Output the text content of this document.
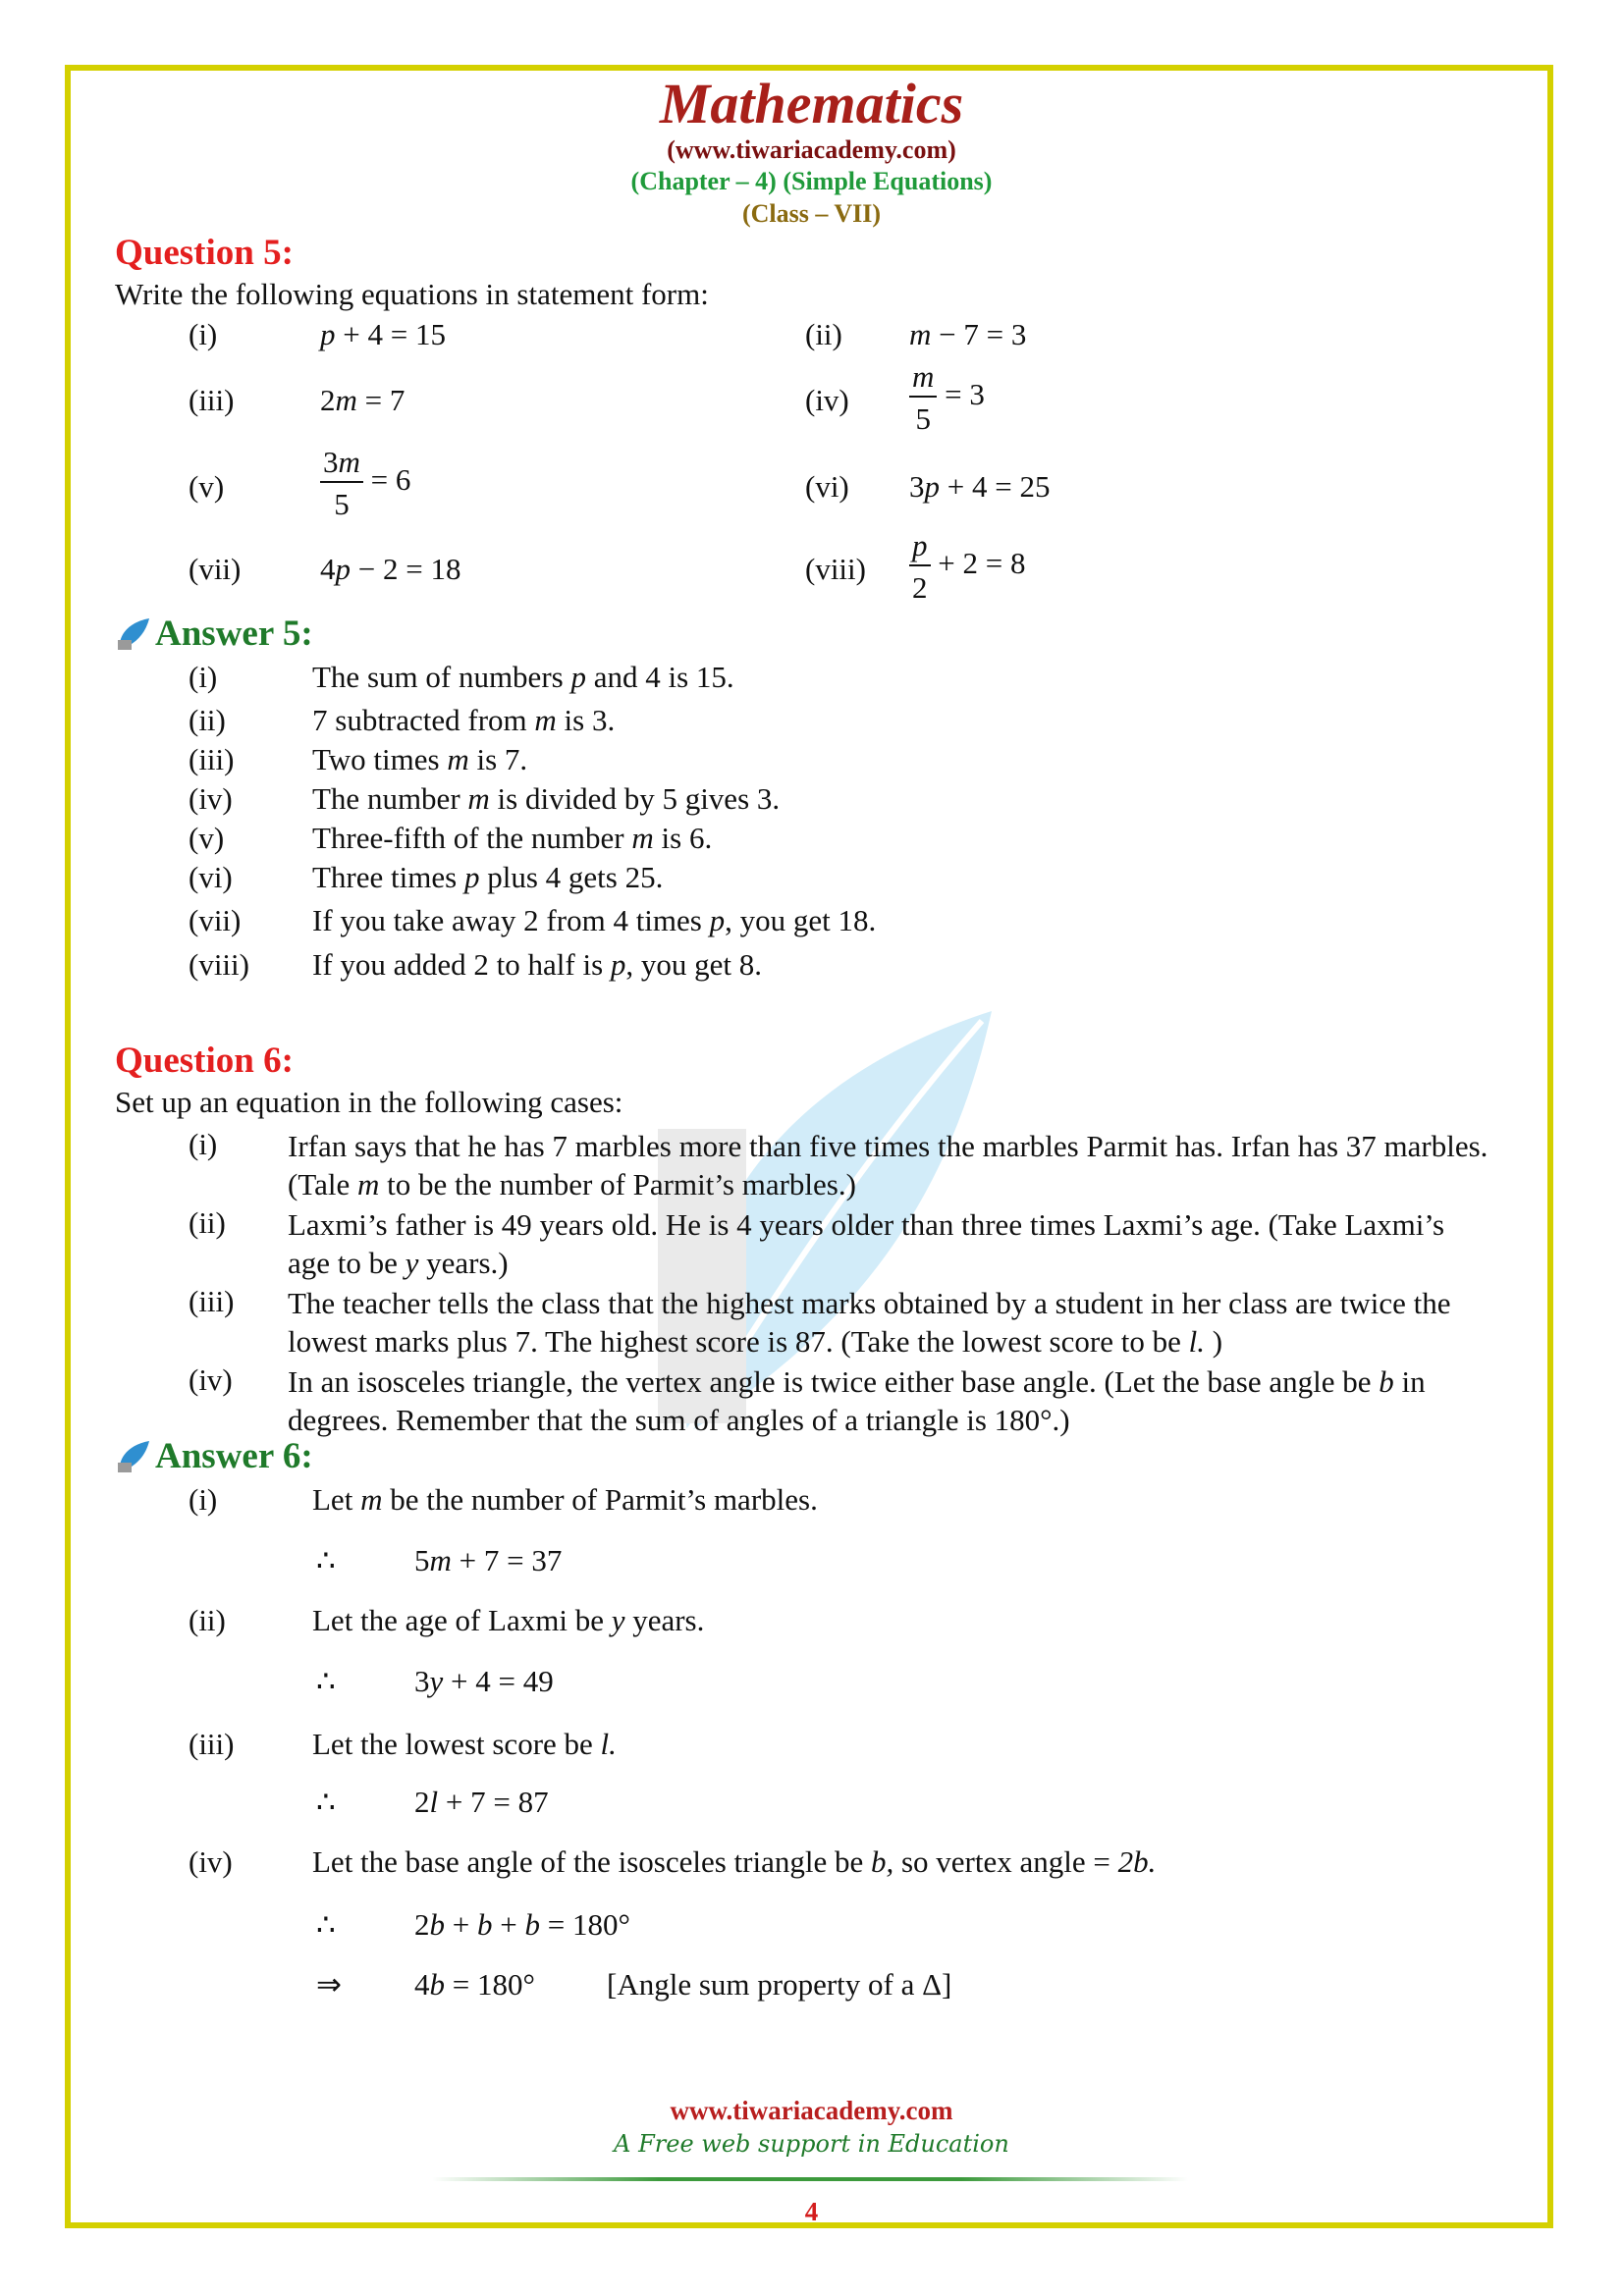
Mathematics
(www.tiwariacademy.com)
(Chapter – 4) (Simple Equations)
(Class – VII)
Question 5:
Write the following equations in statement form:
(i)	p + 4 = 15	(ii) m − 7 = 3
(iii)	2m = 7	$(iv) \frac{m}{5} = 3$
(v)	$\frac{3m}{5} = 6$	(vi) 3p + 4 = 25
(vii)	4p − 2 = 18	(viii) $\frac{p}{2} + 2 = 8$
Answer 5:
(i)	The sum of numbers p and 4 is 15.
(ii)	7 subtracted from m is 3.
(iii)	Two times m is 7.
(iv)	The number m is divided by 5 gives 3.
(v)	Three-fifth of the number m is 6.
(vi)	Three times p plus 4 gets 25.
(vii) If you take away 2 from 4 times p, you get 18.
(viii) If you added 2 to half is p, you get 8.
Question 6:
Set up an equation in the following cases:
(i) Irfan says that he has 7 marbles more than five times the marbles Parmit has. Irfan has 37 marbles. (Tale m to be the number of Parmit’s marbles.)
(ii) Laxmi’s father is 49 years old. He is 4 years older than three times Laxmi’s age. (Take Laxmi’s age to be y years.)
(iii) The teacher tells the class that the highest marks obtained by a student in her class are twice the lowest marks plus 7. The highest score is 87. (Take the lowest score to be l. )
(iv) In an isosceles triangle, the vertex angle is twice either base angle. (Let the base angle be b in degrees. Remember that the sum of angles of a triangle is 180°.)
Answer 6:
(i)	Let m be the number of Parmit’s marbles.
∴	5m + 7 = 37
(ii)	Let the age of Laxmi be y years.
∴	3y + 4 = 49
(iii)	Let the lowest score be l.
∴	2l + 7 = 87
(iv)	Let the base angle of the isosceles triangle be b, so vertex angle = 2b.
∴	2b + b + b = 180°
⇒ 4b = 180° [Angle sum property of a Δ]
www.tiwariacademy.com
A Free web support in Education
4
